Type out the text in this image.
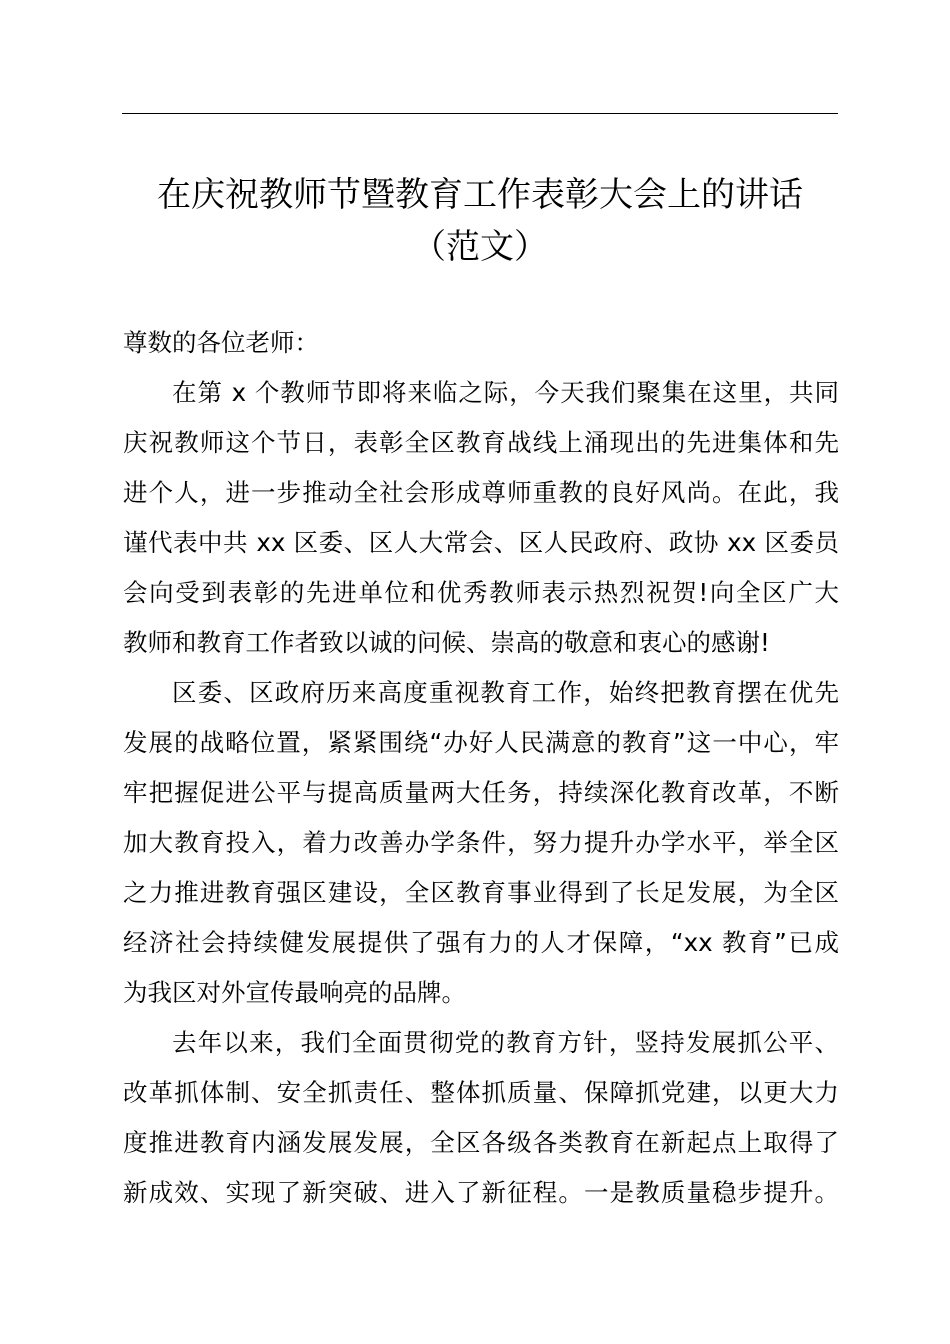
在庆祝教师节暨教育工作表彰大会上的讲话
（范文）
尊数的各位老师：
在第 x 个教师节即将来临之际，今天我们聚集在这里，共同
庆祝教师这个节日，表彰全区教育战线上涌现出的先进集体和先
进个人，进一步推动全社会形成尊师重教的良好风尚。在此，我
谨代表中共 xx 区委、区人大常会、区人民政府、政协 xx 区委员
会向受到表彰的先进单位和优秀教师表示热烈祝贺!向全区广大
教师和教育工作者致以诚的问候、崇高的敬意和衷心的感谢!
区委、区政府历来高度重视教育工作，始终把教育摆在优先
发展的战略位置，紧紧围绕“办好人民满意的教育”这一中心，牢
牢把握促进公平与提高质量两大任务，持续深化教育改革，不断
加大教育投入，着力改善办学条件，努力提升办学水平，举全区
之力推进教育强区建设，全区教育事业得到了长足发展，为全区
经济社会持续健发展提供了强有力的人才保障，“xx 教育”已成
为我区对外宣传最响亮的品牌。
去年以来，我们全面贯彻党的教育方针，竖持发展抓公平、
改革抓体制、安全抓责任、整体抓质量、保障抓党建，以更大力
度推进教育内涵发展发展，全区各级各类教育在新起点上取得了
新成效、实现了新突破、进入了新征程。一是教质量稳步提升。
